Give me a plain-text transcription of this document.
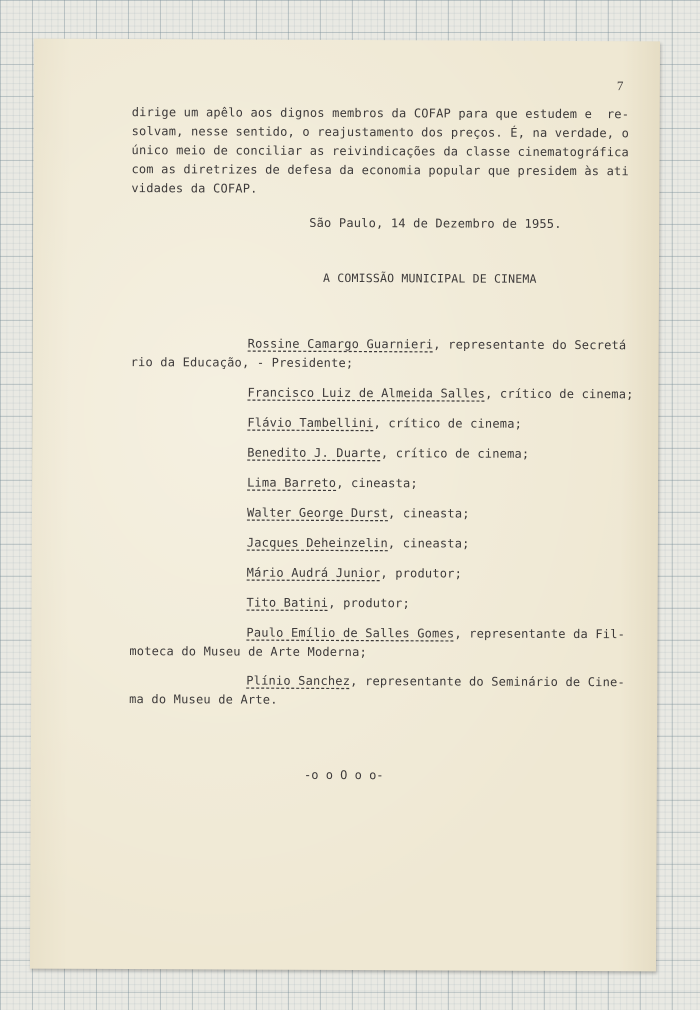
7
dirige um apêlo aos dignos membros da COFAP para que estudem e  re-
solvam, nesse sentido, o reajustamento dos preços. É, na verdade, o
único meio de conciliar as reivindicações da classe cinematográfica
com as diretrizes de defesa da economia popular que presidem às ati
vidades da COFAP.
São Paulo, 14 de Dezembro de 1955.
A COMISSÃO MUNICIPAL DE CINEMA
Rossine Camargo Guarnieri, representante do Secretá
rio da Educação, - Presidente;
Francisco Luiz de Almeida Salles, crítico de cinema;
Flávio Tambellini, crítico de cinema;
Benedito J. Duarte, crítico de cinema;
Lima Barreto, cineasta;
Walter George Durst, cineasta;
Jacques Deheinzelin, cineasta;
Mário Audrá Junior, produtor;
Tito Batini, produtor;
Paulo Emílio de Salles Gomes, representante da Fil-
moteca do Museu de Arte Moderna;
Plínio Sanchez, representante do Seminário de Cine-
ma do Museu de Arte.
-o o O o o-
